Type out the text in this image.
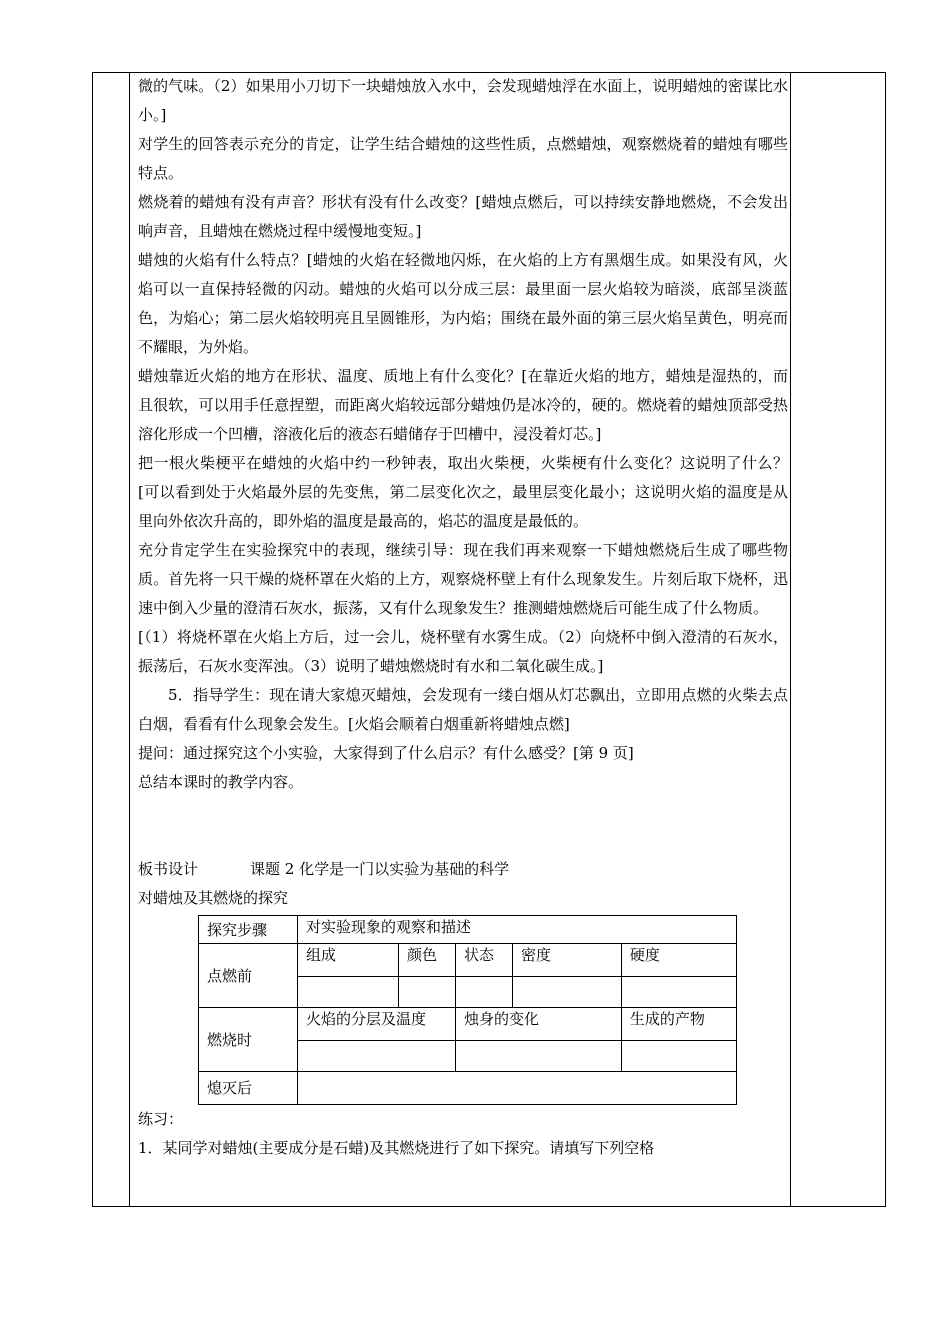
微的气味。（2）如果用小刀切下一块蜡烛放入水中，会发现蜡烛浮在水面上，说明蜡烛的密谋比水小。]

对学生的回答表示充分的肯定，让学生结合蜡烛的这些性质，点燃蜡烛，观察燃烧着的蜡烛有哪些特点。

燃烧着的蜡烛有没有声音？形状有没有什么改变？[蜡烛点燃后，可以持续安静地燃烧，不会发出响声音，且蜡烛在燃烧过程中缓慢地变短。]

蜡烛的火焰有什么特点？[蜡烛的火焰在轻微地闪烁，在火焰的上方有黑烟生成。如果没有风，火焰可以一直保持轻微的闪动。蜡烛的火焰可以分成三层：最里面一层火焰较为暗淡，底部呈淡蓝色，为焰心；第二层火焰较明亮且呈圆锥形，为内焰；围绕在最外面的第三层火焰呈黄色，明亮而不耀眼，为外焰。

蜡烛靠近火焰的地方在形状、温度、质地上有什么变化？[在靠近火焰的地方，蜡烛是湿热的，而且很软，可以用手任意捏塑，而距离火焰较远部分蜡烛仍是冰冷的，硬的。燃烧着的蜡烛顶部受热溶化形成一个凹槽，溶液化后的液态石蜡储存于凹槽中，浸没着灯芯。]

把一根火柴梗平在蜡烛的火焰中约一秒钟表，取出火柴梗，火柴梗有什么变化？这说明了什么？[可以看到处于火焰最外层的先变焦，第二层变化次之，最里层变化最小；这说明火焰的温度是从里向外依次升高的，即外焰的温度是最高的，焰芯的温度是最低的。

充分肯定学生在实验探究中的表现，继续引导：现在我们再来观察一下蜡烛燃烧后生成了哪些物质。首先将一只干燥的烧杯罩在火焰的上方，观察烧杯壁上有什么现象发生。片刻后取下烧杯，迅速中倒入少量的澄清石灰水，振荡，又有什么现象发生？推测蜡烛燃烧后可能生成了什么物质。

[（1）将烧杯罩在火焰上方后，过一会儿，烧杯壁有水雾生成。（2）向烧杯中倒入澄清的石灰水，振荡后，石灰水变浑浊。（3）说明了蜡烛燃烧时有水和二氧化碳生成。]

5．指导学生：现在请大家熄灭蜡烛，会发现有一缕白烟从灯芯飘出，立即用点燃的火柴去点白烟，看看有什么现象会发生。[火焰会顺着白烟重新将蜡烛点燃]

提问：通过探究这个小实验，大家得到了什么启示？有什么感受？[第 9 页]

总结本课时的教学内容。

板书设计	课题 2 化学是一门以实验为基础的科学

对蜡烛及其燃烧的探究

探究步骤	对实验现象的观察和描述				
点燃前	组成	颜色	状态	密度	硬度

燃烧时	火焰的分层及温度		烛身的变化		生成的产物

熄灭后					

练习：

1．某同学对蜡烛(主要成分是石蜡)及其燃烧进行了如下探究。请填写下列空格
